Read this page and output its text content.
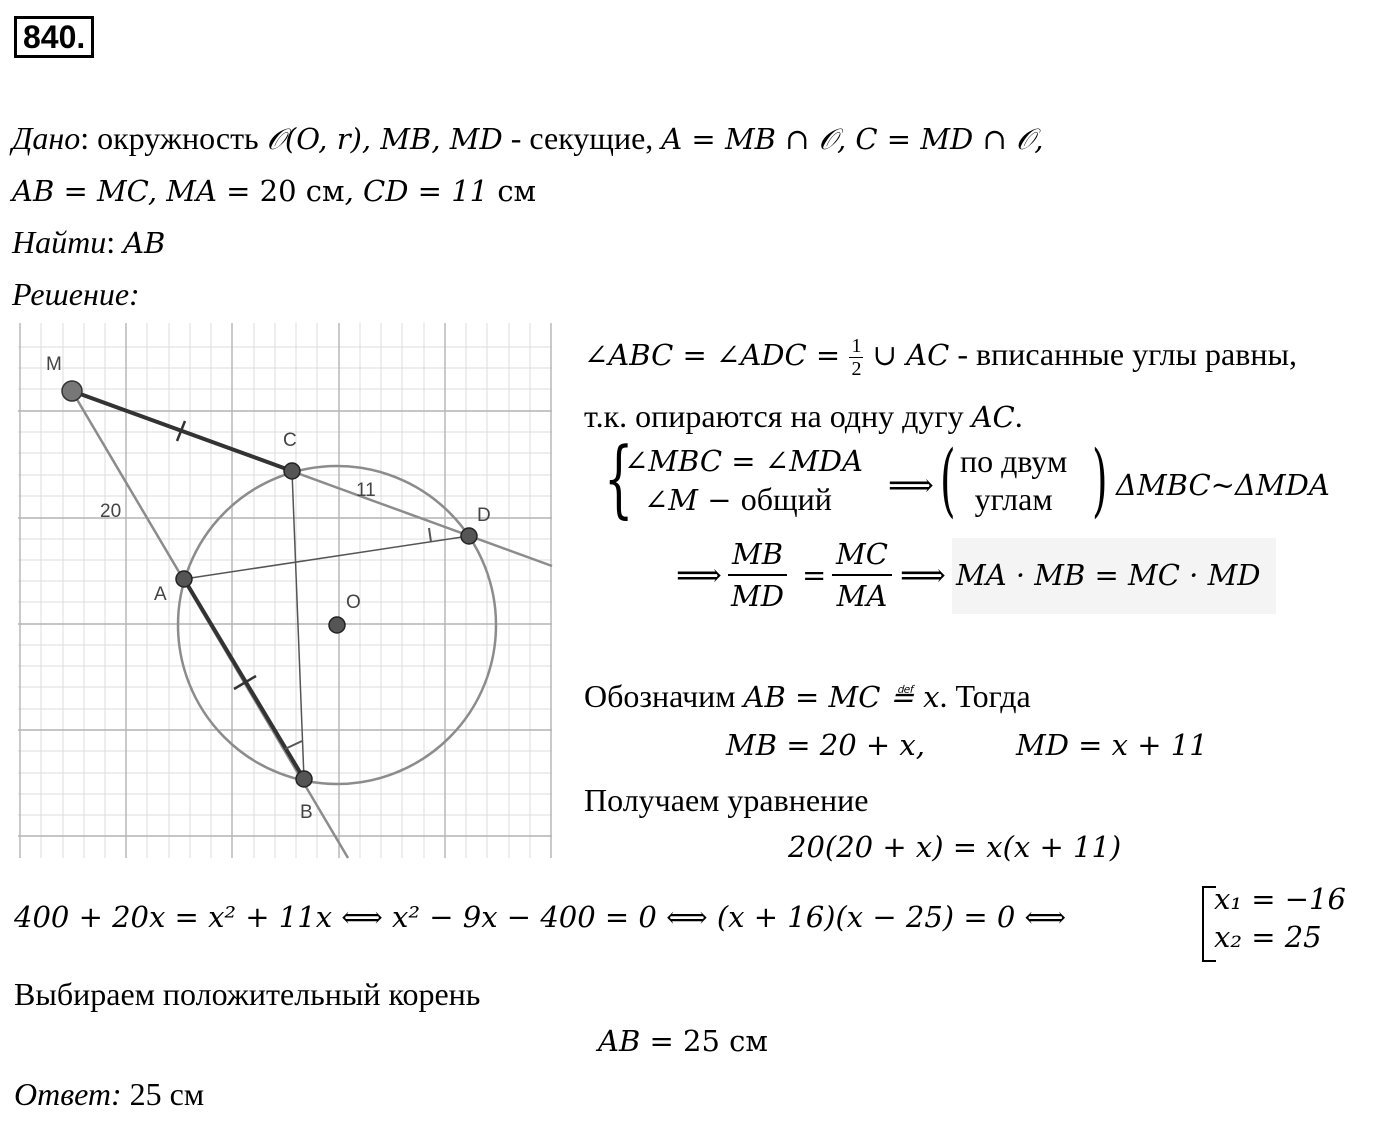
840.
Дано: окружность 𝒪(O, r), MB, MD - секущие, A = MB ∩ 𝒪, C = MD ∩ 𝒪,
AB = MC, MA = 20 см, CD = 11 см
Найти: AB
Решение:
M
C
D
A	O
B
20
11
∠ABC = ∠ADC = $\frac{1}{2}$ ∪ AC - вписанные углы равны,
т.к. опираются на одну дугу AC.
{
∠MBC = ∠MDA
∠M − общий	⟹ ( по двум
углам ) ΔMBC~ΔMDA
⟹ $\frac{MB}{MD} = \frac{MC}{MA}$ ⟹ MA · MB = MC · MD
Обозначим AB = MC ≝ x. Тогда
MB = 20 + x,	MD = x + 11
Получаем уравнение
20(20 + x) = x(x + 11)
400 + 20x = x² + 11x ⟺ x² − 9x − 400 = 0 ⟺ (x + 16)(x − 25) = 0 ⟺
x₁ = −16
x₂ = 25
Выбираем положительный корень
AB = 25 см
Ответ: 25 см
